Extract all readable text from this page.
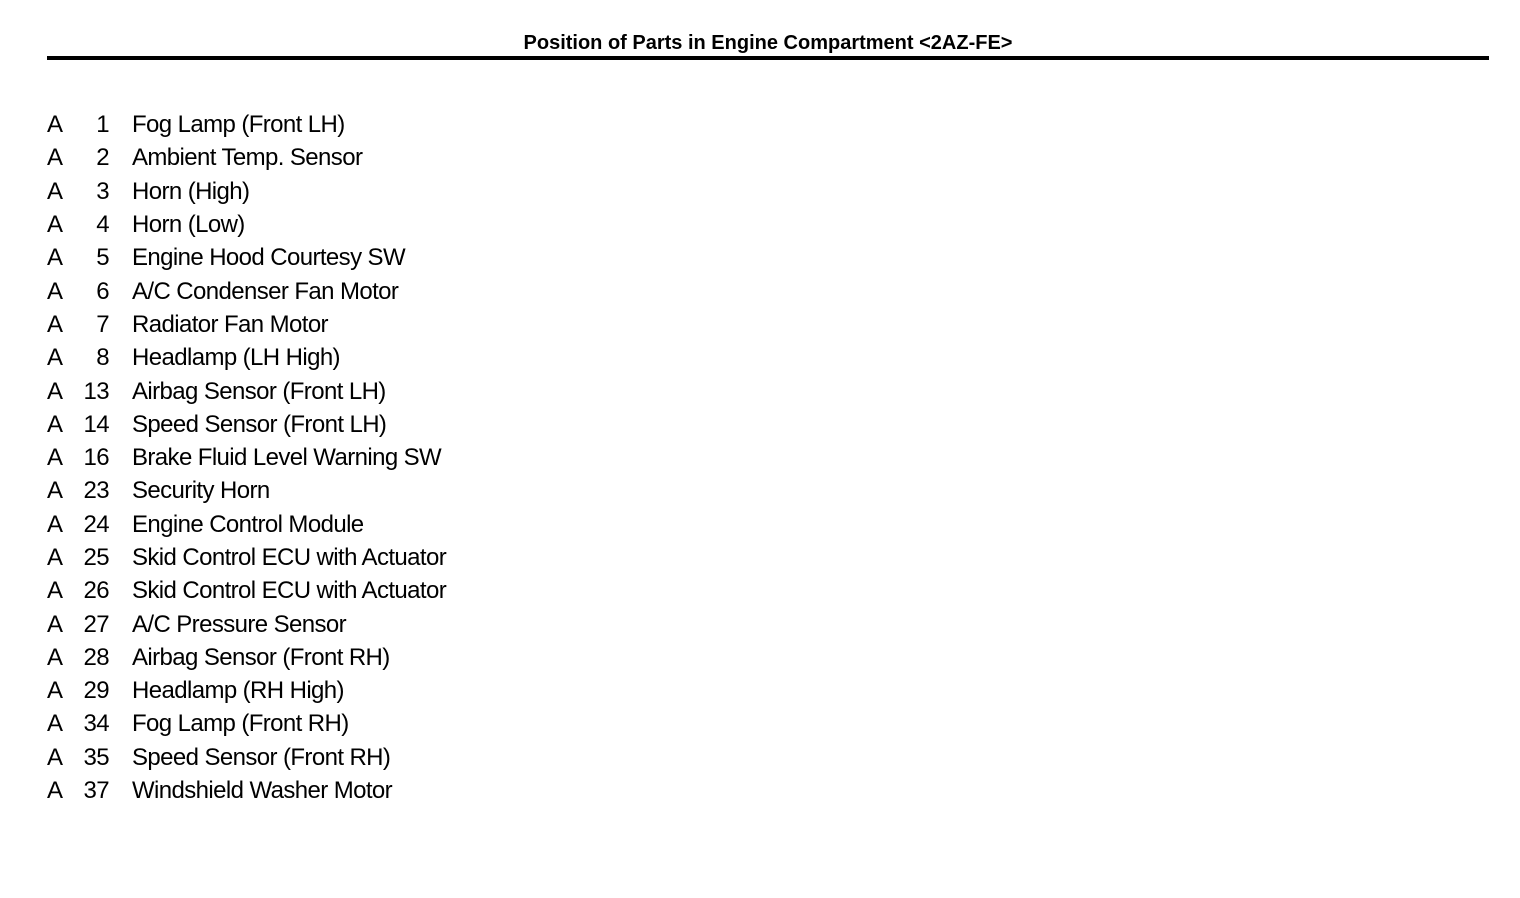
Position of Parts in Engine Compartment <2AZ-FE>
A	1 Fog Lamp (Front LH)
A	2 Ambient Temp. Sensor
A	3 Horn (High)
A	4 Horn (Low)
A	5 Engine Hood Courtesy SW
A	6 A/C Condenser Fan Motor
A	7 Radiator Fan Motor
A	8 Headlamp (LH High)
A 13 Airbag Sensor (Front LH)
A 14 Speed Sensor (Front LH)
A 16 Brake Fluid Level Warning SW
A 23 Security Horn
A 24 Engine Control Module
A 25 Skid Control ECU with Actuator
A 26 Skid Control ECU with Actuator
A 27 A/C Pressure Sensor
A 28 Airbag Sensor (Front RH)
A 29 Headlamp (RH High)
A 34 Fog Lamp (Front RH)
A 35 Speed Sensor (Front RH)
A 37 Windshield Washer Motor
